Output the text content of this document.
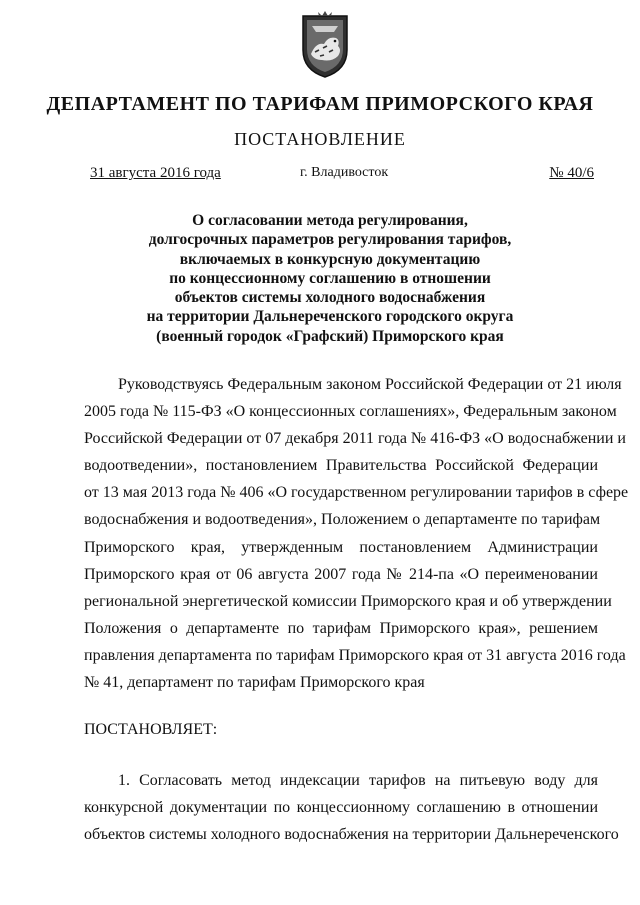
ДЕПАРТАМЕНТ ПО ТАРИФАМ ПРИМОРСКОГО КРАЯ
ПОСТАНОВЛЕНИЕ
31 августа 2016 года	г. Владивосток	№ 40/6
О согласовании метода регулирования,
долгосрочных параметров регулирования тарифов,
включаемых в конкурсную документацию
по концессионному соглашению в отношении
объектов системы холодного водоснабжения
на территории Дальнереченского городского округа
(военный городок «Графский) Приморского края
Руководствуясь Федеральным законом Российской Федерации от 21 июля
2005 года № 115-ФЗ «О концессионных соглашениях», Федеральным законом
Российской Федерации от 07 декабря 2011 года № 416-ФЗ «О водоснабжении и
водоотведении», постановлением Правительства Российской Федерации
от 13 мая 2013 года № 406 «О государственном регулировании тарифов в сфере
водоснабжения и водоотведения», Положением о департаменте по тарифам
Приморского края, утвержденным постановлением Администрации
Приморского края от 06 августа 2007 года № 214-па «О переименовании
региональной энергетической комиссии Приморского края и об утверждении
Положения о департаменте по тарифам Приморского края», решением
правления департамента по тарифам Приморского края от 31 августа 2016 года
№ 41, департамент по тарифам Приморского края
ПОСТАНОВЛЯЕТ:
1. Согласовать метод индексации тарифов на питьевую воду для
конкурсной документации по концессионному соглашению в отношении
объектов системы холодного водоснабжения на территории Дальнереченского
